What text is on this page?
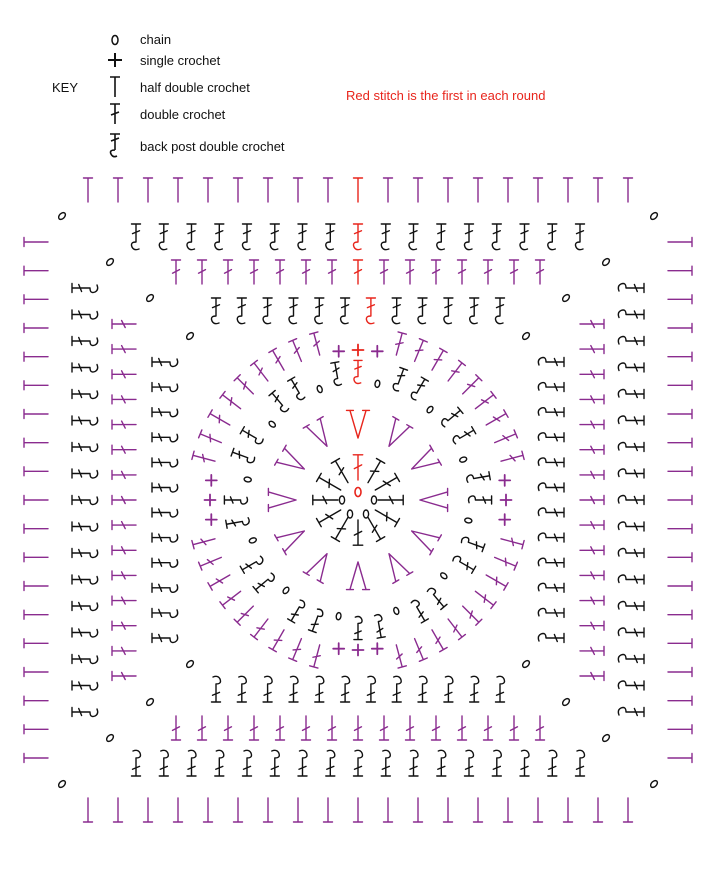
KEY
chain
single crochet
half double crochet
double crochet
back post double crochet
Red stitch is the first in each round
